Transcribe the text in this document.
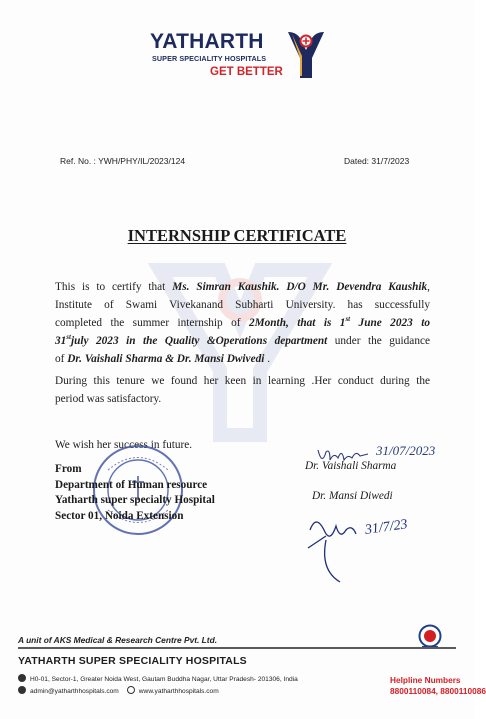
YATHARTH
SUPER SPECIALITY HOSPITALS
GET BETTER
Ref. No. : YWH/PHY/IL/2023/124	Dated: 31/7/2023
INTERNSHIP CERTIFICATE
This is to certify that Ms. Simran Kaushik. D/O Mr. Devendra Kaushik,
Institute of Swami Vivekanand Subharti University. has successfully
completed the summer internship of 2Month, that is 1st June 2023 to
31stjuly 2023 in the Quality &Operations department under the guidance
of Dr. Vaishali Sharma & Dr. Mansi Dwivedi .
During this tenure we found her keen in learning .Her conduct during the
period was satisfactory.
We wish her success in future.
From
Department of Human resource
Yatharth super specialty Hospital
Sector 01, Noida Extension
31/07/2023
Dr. Vaishali Sharma
Dr. Mansi Diwedi
31/7/23
A unit of AKS Medical & Research Centre Pvt. Ltd.
YATHARTH SUPER SPECIALITY HOSPITALS
H0-01, Sector-1, Greater Noida West, Gautam Buddha Nagar, Uttar Pradesh- 201306, India
admin@yatharthhospitals.com	www.yatharthhospitals.com
Helpline Numbers
8800110084, 8800110086
